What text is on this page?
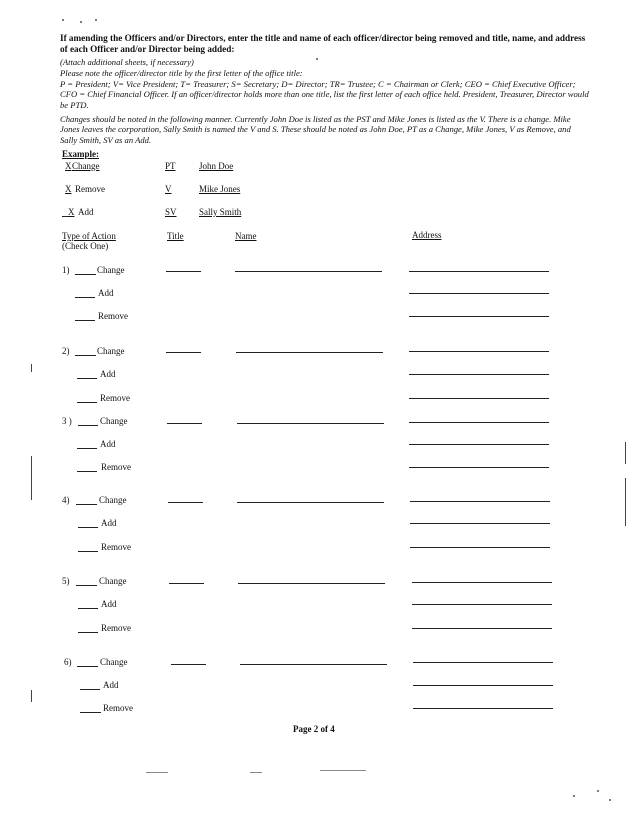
If amending the Officers and/or Directors, enter the title and name of each officer/director being removed and title, name, and address of each Officer and/or Director being added:
(Attach additional sheets, if necessary)
Please note the officer/director title by the first letter of the office title:
P = President; V= Vice President; T= Treasurer; S= Secretary; D= Director; TR= Trustee; C = Chairman or Clerk; CEO = Chief Executive Officer; CFO = Chief Financial Officer. If an officer/director holds more than one title, list the first letter of each office held. President, Treasurer, Director would be PTD.
Changes should be noted in the following manner. Currently John Doe is listed as the PST and Mike Jones is listed as the V. There is a change. Mike Jones leaves the corporation, Sally Smith is named the V and S. These should be noted as John Doe, PT as a Change, Mike Jones, V as Remove, and Sally Smith, SV as an Add.
Example:
X Change	PT	John Doe
X Remove	V	Mike Jones
X Add	SV Sally Smith
Type of Action
(Check One)
Title	Name	Address
1)	Change
Add
Remove
2)	Change
Add
Remove
3 )	Change
Add
Remove
4)	Change
Add
Remove
5)	Change
Add
Remove
6)	Change
Add
Remove
Page 2 of 4
